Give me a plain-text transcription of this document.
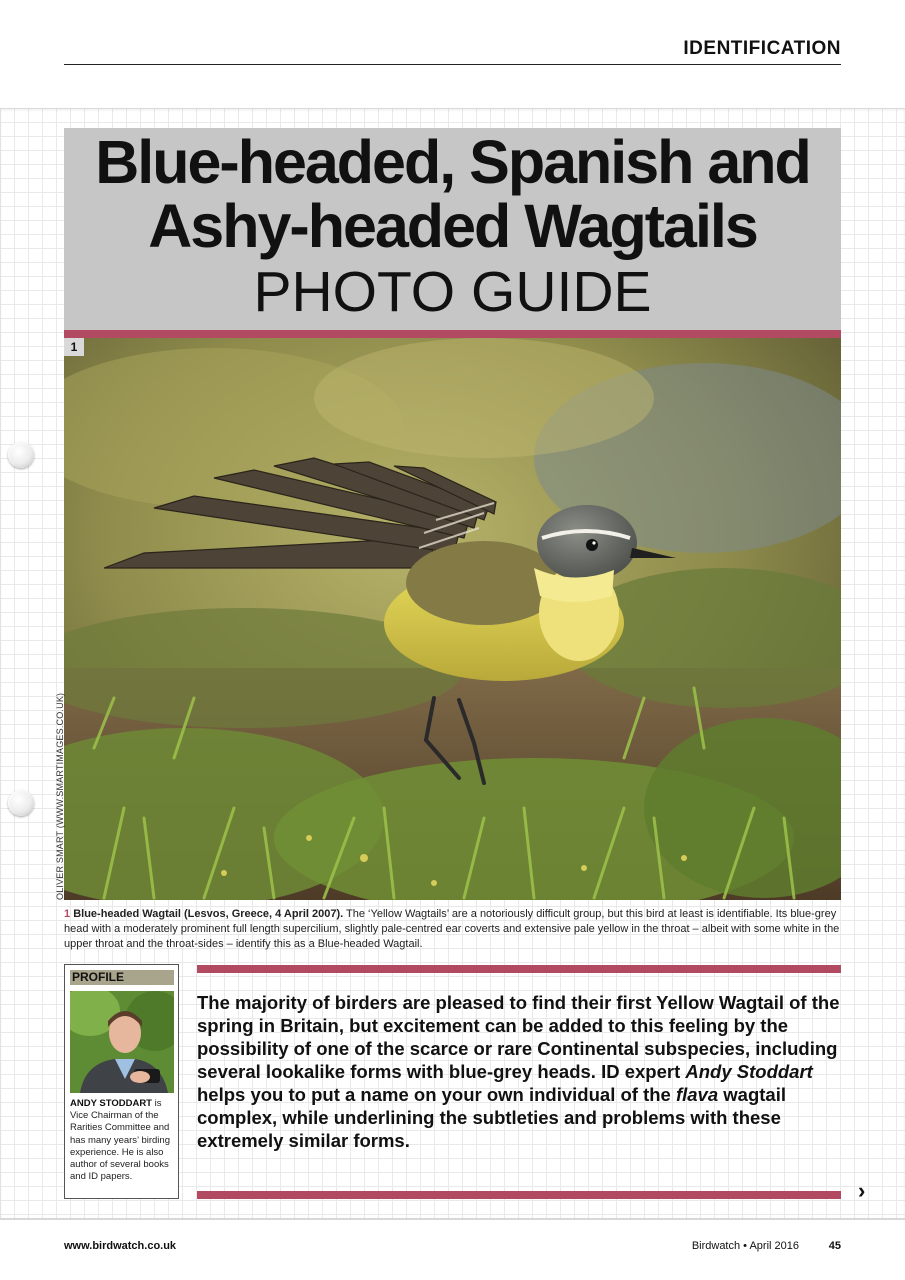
IDENTIFICATION
Blue-headed, Spanish and
Ashy-headed Wagtails
PHOTO GUIDE
1
OLIVER SMART (WWW.SMARTIMAGES.CO.UK)
1 Blue-headed Wagtail (Lesvos, Greece, 4 April 2007). The ‘Yellow Wagtails’ are a notoriously difficult group, but this bird at least is identifiable. Its blue-grey head with a moderately prominent full length supercilium, slightly pale-centred ear coverts and extensive pale yellow in the throat – albeit with some white in the upper throat and the throat-sides – identify this as a Blue-headed Wagtail.
PROFILE
ANDY STODDART is Vice Chairman of the Rarities Committee and has many years’ birding experience. He is also author of several books and ID papers.
The majority of birders are pleased to find their first Yellow Wagtail of the spring in Britain, but excitement can be added to this feeling by the possibility of one of the scarce or rare Continental subspecies, including several lookalike forms with blue-grey heads. ID expert Andy Stoddart helps you to put a name on your own individual of the flava wagtail complex, while underlining the subtleties and problems with these extremely similar forms.
›
www.birdwatch.co.uk	Birdwatch • April 2016	45
